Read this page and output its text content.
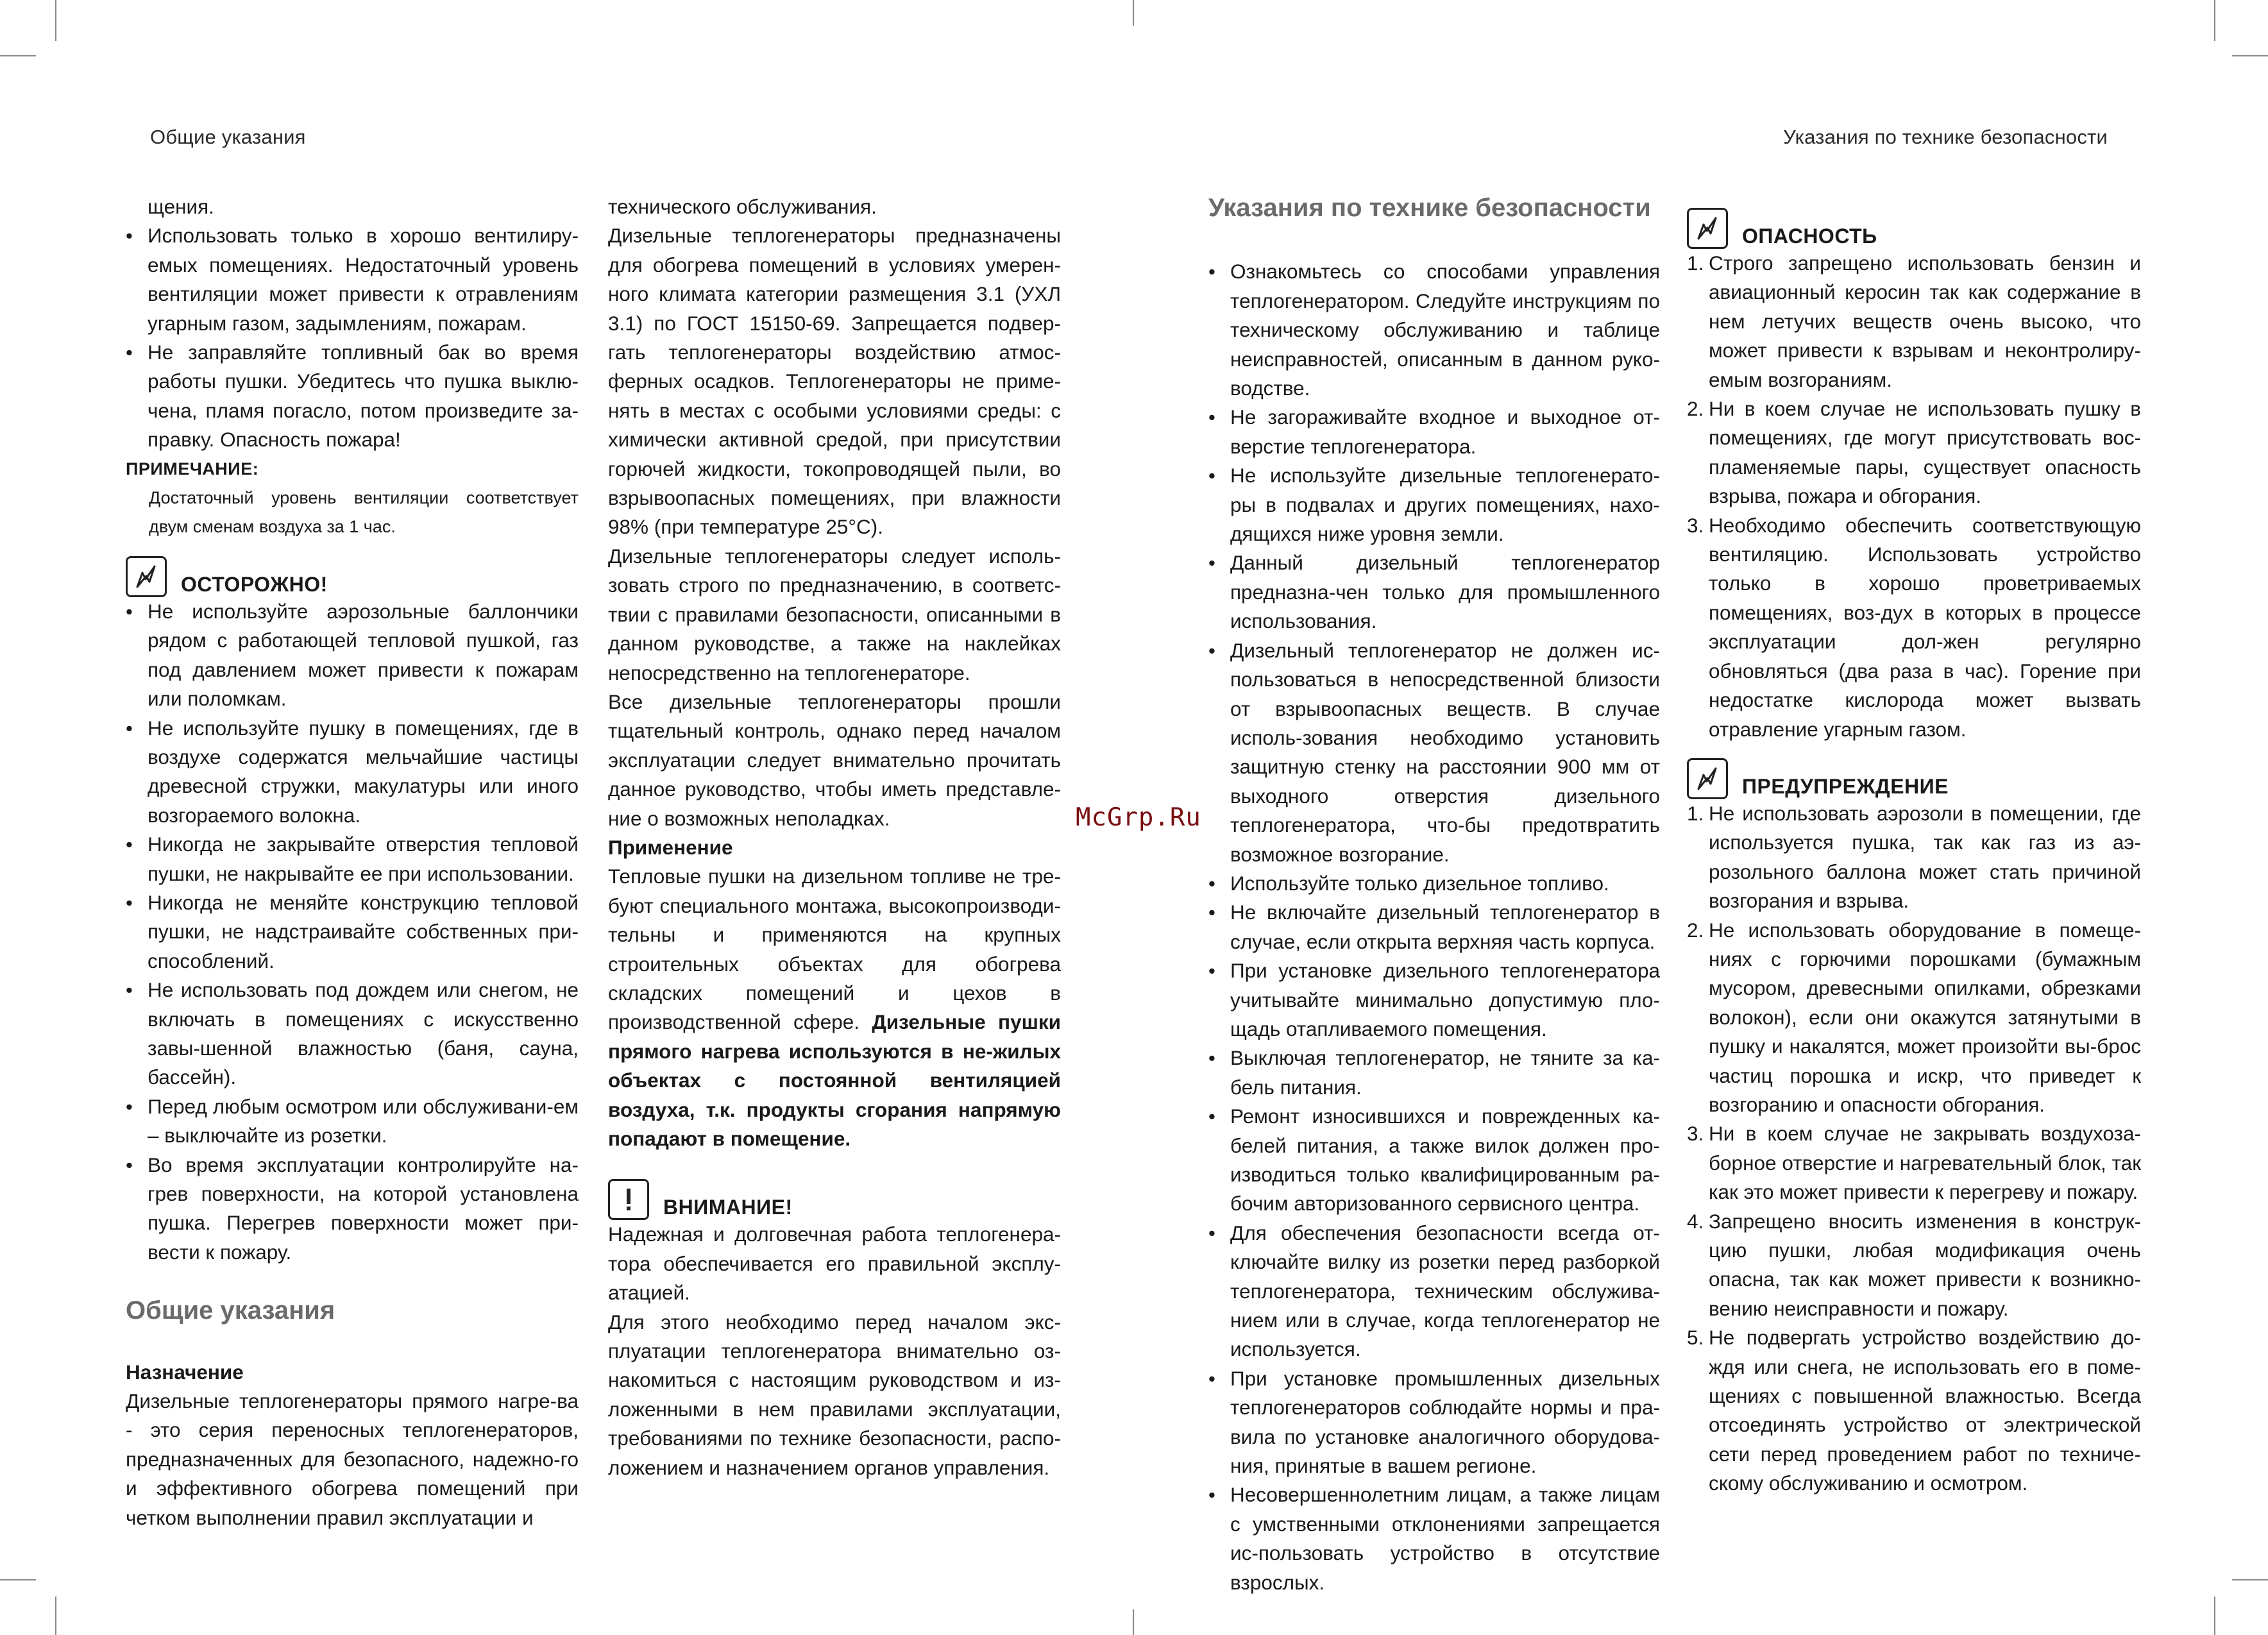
Общие указания	Указания по технике безопасности
McGrp.Ru

щения.

• Использовать только в хорошо вентилиру-емых помещениях. Недостаточный уровень вентиляции может привести к отравлениям угарным газом, задымлениям, пожарам.
• Не заправляйте топливный бак во время работы пушки. Убедитесь что пушка выклю-чена, пламя погасло, потом произведите за-правку. Опасность пожара!
ПРИМЕЧАНИЕ:
Достаточный уровень вентиляции соответствует двум сменам воздуха за 1 час.
ОСТОРОЖНО!
• Не используйте аэрозольные баллончики рядом с работающей тепловой пушкой, газ под давлением может привести к пожарам или поломкам.
• Не используйте пушку в помещениях, где в воздухе содержатся мельчайшие частицы древесной стружки, макулатуры или иного возгораемого волокна.
• Никогда не закрывайте отверстия тепловой пушки, не накрывайте ее при использовании.
• Никогда не меняйте конструкцию тепловой пушки, не надстраивайте собственных при-способлений.
• Не использовать под дождем или снегом, не включать в помещениях с искусственно завы-шенной влажностью (баня, сауна, бассейн).
• Перед любым осмотром или обслуживани-ем – выключайте из розетки.
• Во время эксплуатации контролируйте на-грев поверхности, на которой установлена пушка. Перегрев поверхности может при-вести к пожару.

Общие указания

Назначение

Дизельные теплогенераторы прямого нагре-ва - это серия переносных теплогенераторов, предназначенных для безопасного, надежно-го и эффективного обогрева помещений при четком выполнении правил эксплуатации и

технического обслуживания.

Дизельные теплогенераторы предназначены для обогрева помещений в условиях умерен-ного климата категории размещения 3.1 (УХЛ 3.1) по ГОСТ 15150-69. Запрещается подвер-гать теплогенераторы воздействию атмос-ферных осадков. Теплогенераторы не приме-нять в местах с особыми условиями среды: с химически активной средой, при присутствии горючей жидкости, токопроводящей пыли, во взрывоопасных помещениях, при влажности 98% (при температуре 25°С).

Дизельные теплогенераторы следует исполь-зовать строго по предназначению, в соответс-твии с правилами безопасности, описанными в данном руководстве, а также на наклейках непосредственно на теплогенераторе.

Все дизельные теплогенераторы прошли тщательный контроль, однако перед началом эксплуатации следует внимательно прочитать данное руководство, чтобы иметь представле-ние о возможных неполадках.

Применение

Тепловые пушки на дизельном топливе не тре-буют специального монтажа, высокопроизводи-тельны и применяются на крупных строительных объектах для обогрева складских помещений и цехов в производственной сфере. Дизельные пушки прямого нагрева используются в не-жилых объектах с постоянной вентиляцией воздуха, т.к. продукты сгорания напрямую попадают в помещение.

ВНИМАНИЕ!

Надежная и долговечная работа теплогенера-тора обеспечивается его правильной эксплу-атацией.

Для этого необходимо перед началом экс-плуатации теплогенератора внимательно оз-накомиться с настоящим руководством и из-ложенными в нем правилами эксплуатации, требованиями по технике безопасности, распо-ложением и назначением органов управления.

Указания по технике безопасности

• Ознакомьтесь со способами управления теплогенератором. Следуйте инструкциям по техническому обслуживанию и таблице неисправностей, описанным в данном руко-водстве.
• Не загораживайте входное и выходное от-верстие теплогенератора.
• Не используйте дизельные теплогенерато-ры в подвалах и других помещениях, нахо-дящихся ниже уровня земли.
• Данный дизельный теплогенератор предназна-чен только для промышленного использования.
• Дизельный теплогенератор не должен ис-пользоваться в непосредственной близости от взрывоопасных веществ. В случае исполь-зования необходимо установить защитную стенку на расстоянии 900 мм от выходного отверстия дизельного теплогенератора, что-бы предотвратить возможное возгорание.
• Используйте только дизельное топливо.
• Не включайте дизельный теплогенератор в случае, если открыта верхняя часть корпуса.
• При установке дизельного теплогенератора учитывайте минимально допустимую пло-щадь отапливаемого помещения.
• Выключая теплогенератор, не тяните за ка-бель питания.
• Ремонт износившихся и поврежденных ка-белей питания, а также вилок должен про-изводиться только квалифицированным ра-бочим авторизованного сервисного центра.
• Для обеспечения безопасности всегда от-ключайте вилку из розетки перед разборкой теплогенератора, техническим обслужива-нием или в случае, когда теплогенератор не используется.
• При установке промышленных дизельных теплогенераторов соблюдайте нормы и пра-вила по установке аналогичного оборудова-ния, принятые в вашем регионе.
• Несовершеннолетним лицам, а также лицам с умственными отклонениями запрещается ис-пользовать устройство в отсутствие взрослых.
ОПАСНОСТЬ
1. Строго запрещено использовать бензин и авиационный керосин так как содержание в нем летучих веществ очень высоко, что может привести к взрывам и неконтролиру-емым возгораниям.
2. Ни в коем случае не использовать пушку в помещениях, где могут присутствовать вос-пламеняемые пары, существует опасность взрыва, пожара и обгорания.
3. Необходимо обеспечить соответствующую вентиляцию. Использовать устройство только в хорошо проветриваемых помещениях, воз-дух в которых в процессе эксплуатации дол-жен регулярно обновляться (два раза в час). Горение при недостатке кислорода может вызвать отравление угарным газом.
ПРЕДУПРЕЖДЕНИЕ
1. Не использовать аэрозоли в помещении, где используется пушка, так как газ из аэ-розольного баллона может стать причиной возгорания и взрыва.
2. Не использовать оборудование в помеще-ниях с горючими порошками (бумажным мусором, древесными опилками, обрезками волокон), если они окажутся затянутыми в пушку и накалятся, может произойти вы-брос частиц порошка и искр, что приведет к возгоранию и опасности обгорания.
3. Ни в коем случае не закрывать воздухоза-борное отверстие и нагревательный блок, так как это может привести к перегреву и пожару.
4. Запрещено вносить изменения в конструк-цию пушки, любая модификация очень опасна, так как может привести к возникно-вению неисправности и пожару.
5. Не подвергать устройство воздействию до-ждя или снега, не использовать его в поме-щениях с повышенной влажностью. Всегда отсоединять устройство от электрической сети перед проведением работ по техниче-скому обслуживанию и осмотром.
